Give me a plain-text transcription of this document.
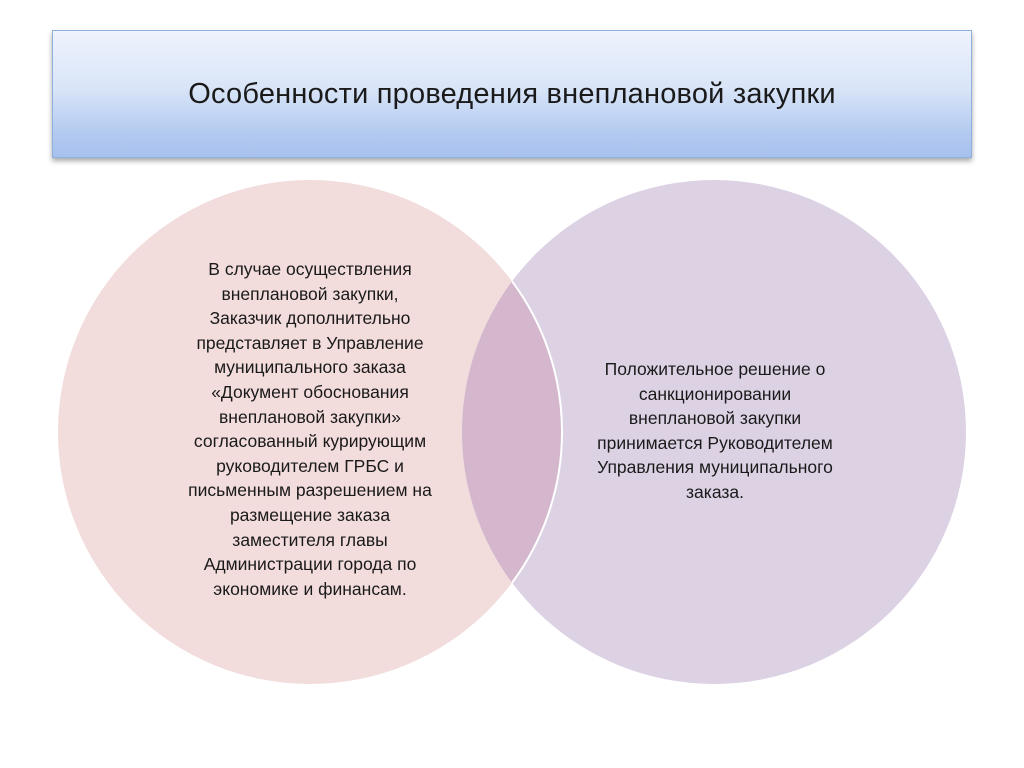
Особенности проведения внеплановой закупки
В случае осуществления
внеплановой закупки,
Заказчик дополнительно
представляет в Управление
муниципального заказа
«Документ обоснования
внеплановой закупки»
согласованный курирующим
руководителем ГРБС и
письменным разрешением на
размещение заказа
заместителя главы
Администрации города по
экономике и финансам.
Положительное решение о
санкционировании
внеплановой закупки
принимается Руководителем
Управления муниципального
заказа.
